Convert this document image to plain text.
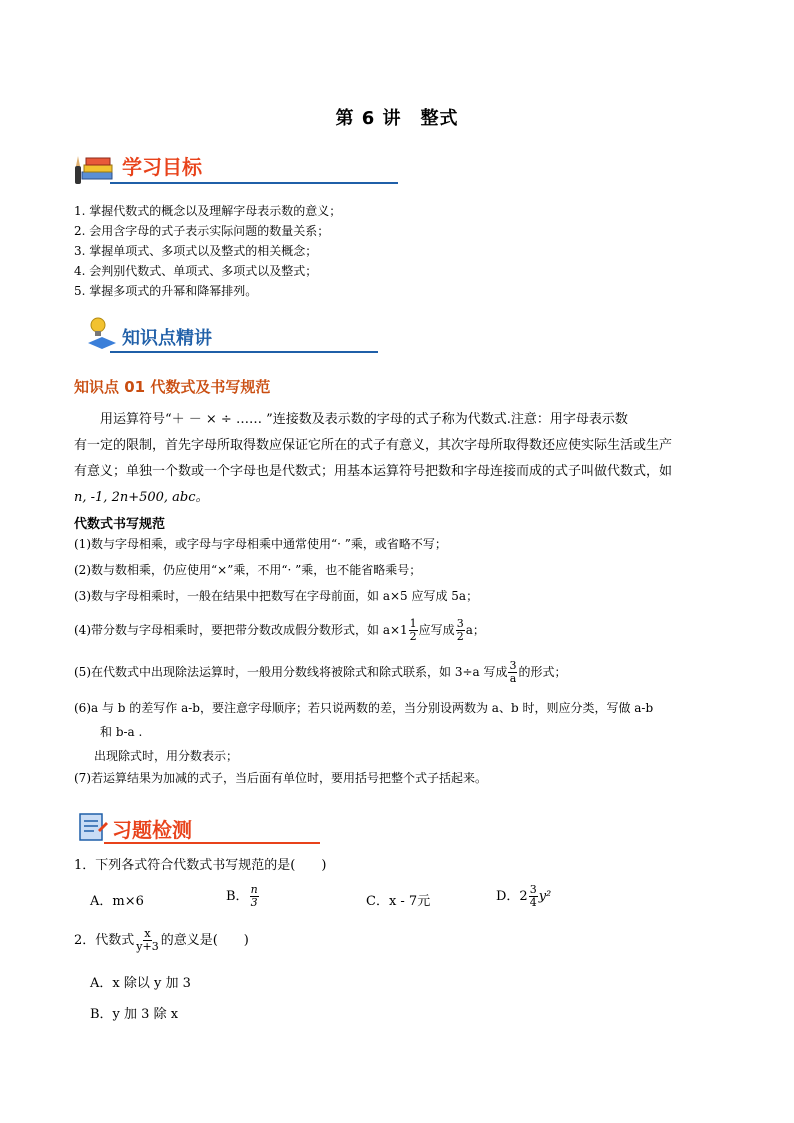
第 6 讲　整式
学习目标
1. 掌握代数式的概念以及理解字母表示数的意义；
2. 会用含字母的式子表示实际问题的数量关系；
3. 掌握单项式、多项式以及整式的相关概念；
4. 会判别代数式、单项式、多项式以及整式；
5. 掌握多项式的升幂和降幂排列。
知识点精讲
知识点 01 代数式及书写规范
用运算符号“＋ － × ÷ …… ”连接数及表示数的字母的式子称为代数式.注意：用字母表示数
有一定的限制，首先字母所取得数应保证它所在的式子有意义，其次字母所取得数还应使实际生活或生产
有意义；单独一个数或一个字母也是代数式；用基本运算符号把数和字母连接而成的式子叫做代数式，如
n, -1, 2n+500, abc。
代数式书写规范
(1)数与字母相乘，或字母与字母相乘中通常使用“· ”乘，或省略不写；
(2)数与数相乘，仍应使用“×”乘，不用“· ”乘，也不能省略乘号；
(3)数与字母相乘时，一般在结果中把数写在字母前面，如 a×5 应写成 5a；
(4)带分数与字母相乘时，要把带分数改成假分数形式，如 $a\times 1 \frac{1}{2}$ 应写成 $\frac{3}{2}$ a；
(5)在代数式中出现除法运算时，一般用分数线将被除式和除式联系，如 3÷a 写成 $\frac{3}{a}$ 的形式；
(6)a 与 b 的差写作 a-b，要注意字母顺序；若只说两数的差，当分别设两数为 a、b 时，则应分类，写做 a-b
和 b-a .
出现除式时，用分数表示；
(7)若运算结果为加减的式子，当后面有单位时，要用括号把整个式子括起来。
习题检测
1．下列各式符合代数式书写规范的是(　　)
A．m×6	B． $\frac{n}{3}$	C．x - 7元	D．$2 \frac{3}{4} y^2$
2．代数式 $\frac{x}{y+3}$ 的意义是(　　)
A．x 除以 y 加 3
B．y 加 3 除 x
